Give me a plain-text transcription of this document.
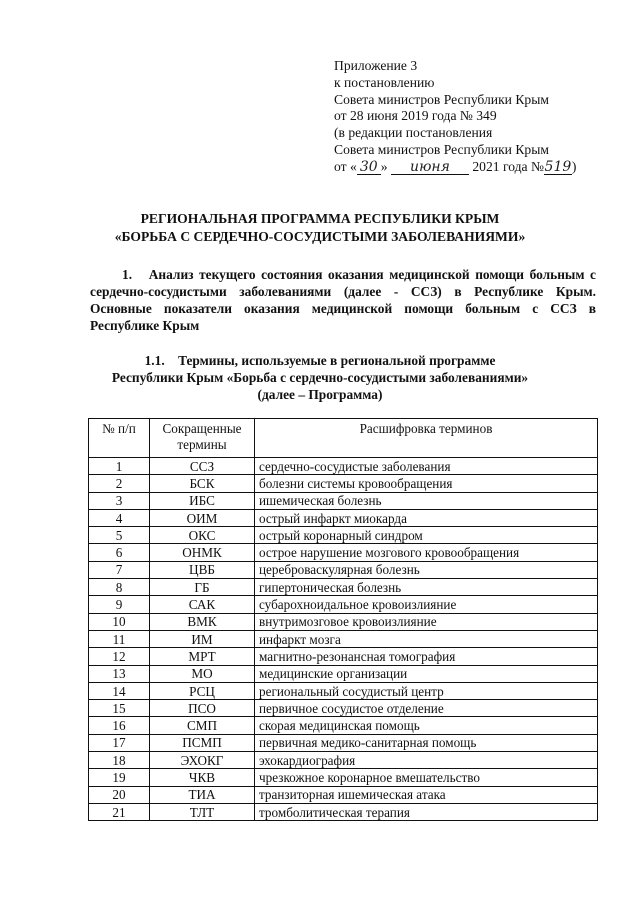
Приложение 3
к постановлению
Совета министров Республики Крым
от 28 июня 2019 года № 349
(в редакции постановления
Совета министров Республики Крым
от « 30 » июня 2021 года №519)
РЕГИОНАЛЬНАЯ ПРОГРАММА РЕСПУБЛИКИ КРЫМ
«БОРЬБА С СЕРДЕЧНО-СОСУДИСТЫМИ ЗАБОЛЕВАНИЯМИ»
1. Анализ текущего состояния оказания медицинской помощи больным с сердечно-сосудистыми заболеваниями (далее - ССЗ) в Республике Крым. Основные показатели оказания медицинской помощи больным с ССЗ в Республике Крым
1.1.    Термины, используемые в региональной программе
Республики Крым «Борьба с сердечно-сосудистыми заболеваниями»
(далее – Программа)
№ п/п	Сокращенные термины	Расшифровка терминов
1	ССЗ	сердечно-сосудистые заболевания
2	БСК	болезни системы кровообращения
3	ИБС	ишемическая болезнь
4	ОИМ	острый инфаркт миокарда
5	ОКС	острый коронарный синдром
6	ОНМК	острое нарушение мозгового кровообращения
7	ЦВБ	цереброваскулярная болезнь
8	ГБ	гипертоническая болезнь
9	САК	субарохноидальное кровоизлияние
10	ВМК	внутримозговое кровоизлияние
11	ИМ	инфаркт мозга
12	МРТ	магнитно-резонансная томография
13	МО	медицинские организации
14	РСЦ	региональный сосудистый центр
15	ПСО	первичное сосудистое отделение
16	СМП	скорая медицинская помощь
17	ПСМП	первичная медико-санитарная помощь
18	ЭХОКГ	эхокардиография
19	ЧКВ	чрезкожное коронарное вмешательство
20	ТИА	транзиторная ишемическая атака
21	ТЛТ	тромболитическая терапия
